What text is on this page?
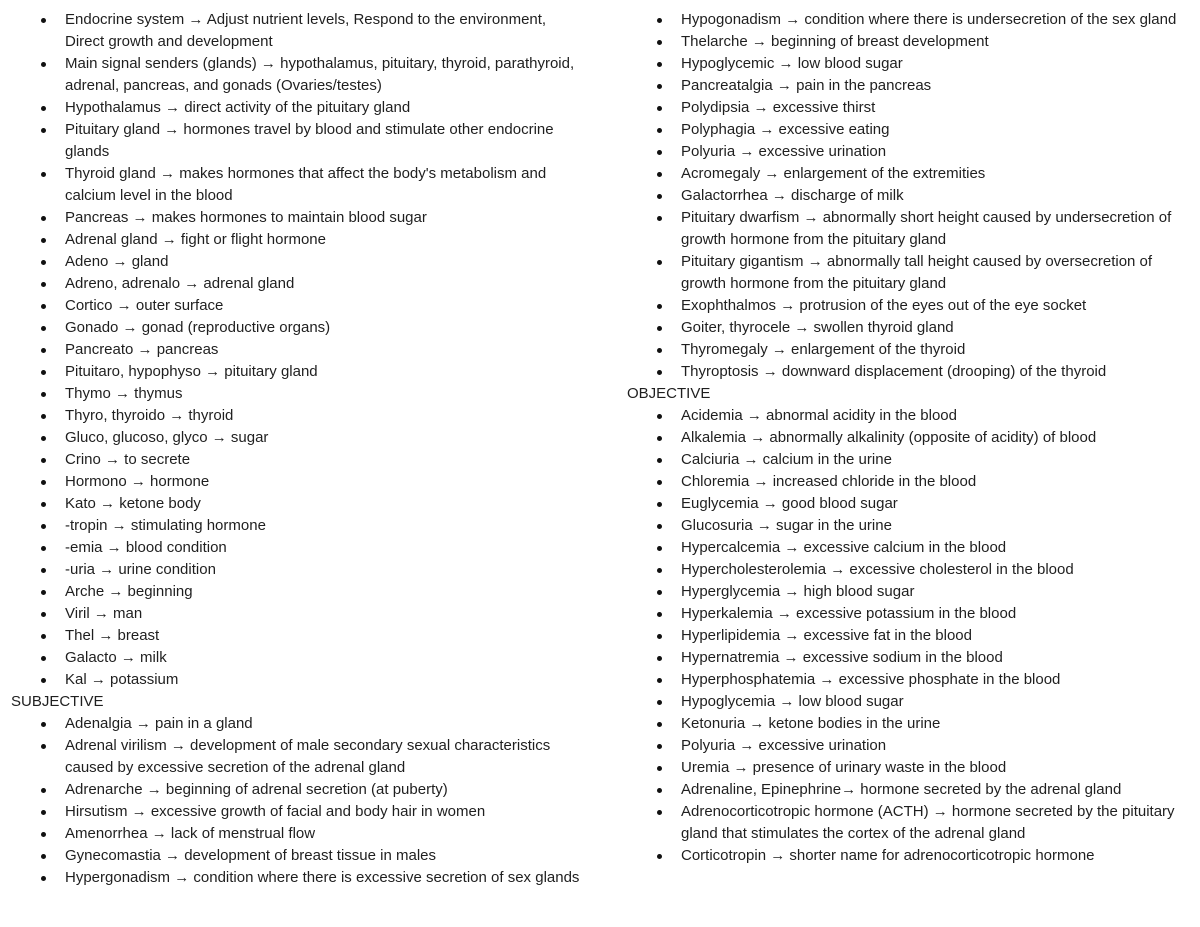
Endocrine system → Adjust nutrient levels, Respond to the environment, Direct growth and development
Main signal senders (glands) → hypothalamus, pituitary, thyroid, parathyroid, adrenal, pancreas, and gonads (Ovaries/testes)
Hypothalamus → direct activity of the pituitary gland
Pituitary gland → hormones travel by blood and stimulate other endocrine glands
Thyroid gland → makes hormones that affect the body's metabolism and calcium level in the blood
Pancreas → makes hormones to maintain blood sugar
Adrenal gland → fight or flight hormone
Adeno → gland
Adreno, adrenalo → adrenal gland
Cortico → outer surface
Gonado → gonad (reproductive organs)
Pancreato → pancreas
Pituitaro, hypophyso → pituitary gland
Thymo → thymus
Thyro, thyroido → thyroid
Gluco, glucoso, glyco → sugar
Crino → to secrete
Hormono → hormone
Kato → ketone body
-tropin → stimulating hormone
-emia → blood condition
-uria → urine condition
Arche → beginning
Viril → man
Thel → breast
Galacto → milk
Kal → potassium
SUBJECTIVE
Adenalgia → pain in a gland
Adrenal virilism → development of male secondary sexual characteristics caused by excessive secretion of the adrenal gland
Adrenarche → beginning of adrenal secretion (at puberty)
Hirsutism → excessive growth of facial and body hair in women
Amenorrhea → lack of menstrual flow
Gynecomastia → development of breast tissue in males
Hypergonadism → condition where there is excessive secretion of sex glands
Hypogonadism → condition where there is undersecretion of the sex gland
Thelarche → beginning of breast development
Hypoglycemic → low blood sugar
Pancreatalgia → pain in the pancreas
Polydipsia → excessive thirst
Polyphagia → excessive eating
Polyuria → excessive urination
Acromegaly → enlargement of the extremities
Galactorrhea → discharge of milk
Pituitary dwarfism → abnormally short height caused by undersecretion of growth hormone from the pituitary gland
Pituitary gigantism → abnormally tall height caused by oversecretion of growth hormone from the pituitary gland
Exophthalmos → protrusion of the eyes out of the eye socket
Goiter, thyrocele → swollen thyroid gland
Thyromegaly → enlargement of the thyroid
Thyroptosis → downward displacement (drooping) of the thyroid
OBJECTIVE
Acidemia → abnormal acidity in the blood
Alkalemia → abnormally alkalinity (opposite of acidity) of blood
Calciuria → calcium in the urine
Chloremia → increased chloride in the blood
Euglycemia → good blood sugar
Glucosuria → sugar in the urine
Hypercalcemia → excessive calcium in the blood
Hypercholesterolemia → excessive cholesterol in the blood
Hyperglycemia → high blood sugar
Hyperkalemia → excessive potassium in the blood
Hyperlipidemia → excessive fat in the blood
Hypernatremia → excessive sodium in the blood
Hyperphosphatemia → excessive phosphate in the blood
Hypoglycemia → low blood sugar
Ketonuria → ketone bodies in the urine
Polyuria → excessive urination
Uremia → presence of urinary waste in the blood
Adrenaline, Epinephrine→ hormone secreted by the adrenal gland
Adrenocorticotropic hormone (ACTH) → hormone secreted by the pituitary gland that stimulates the cortex of the adrenal gland
Corticotropin → shorter name for adrenocorticotropic hormone
